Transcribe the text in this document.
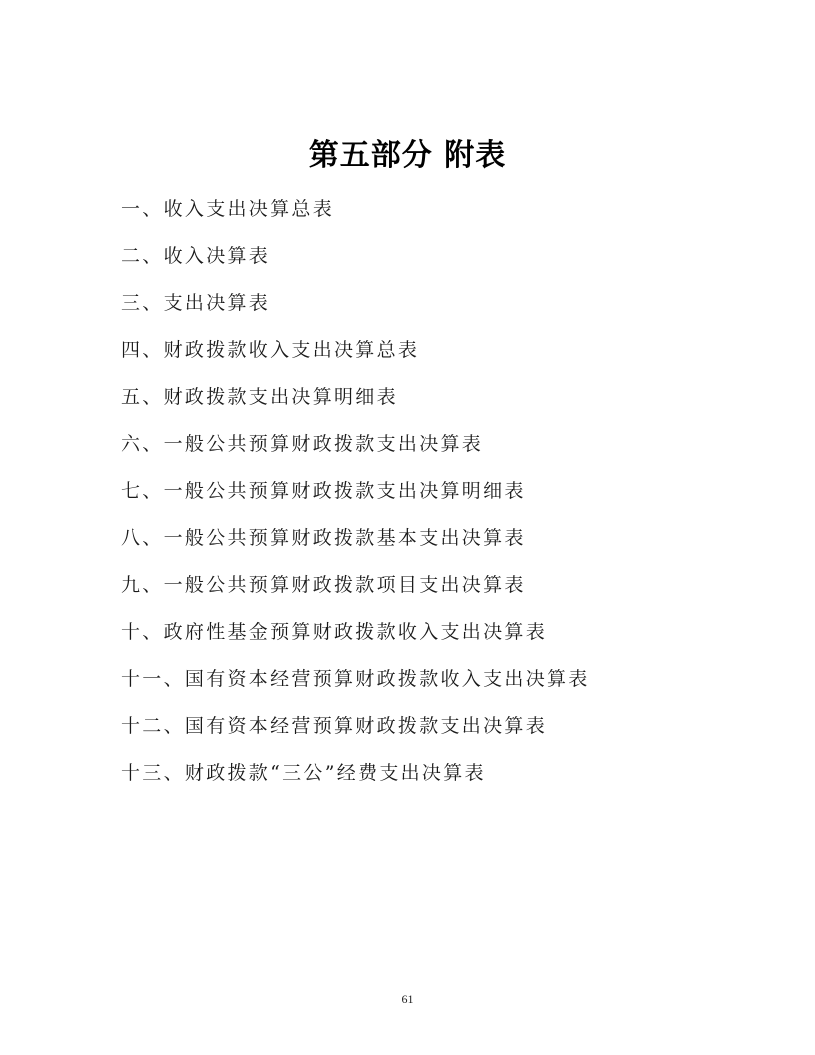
第五部分 附表
一、收入支出决算总表
二、收入决算表
三、支出决算表
四、财政拨款收入支出决算总表
五、财政拨款支出决算明细表
六、一般公共预算财政拨款支出决算表
七、一般公共预算财政拨款支出决算明细表
八、一般公共预算财政拨款基本支出决算表
九、一般公共预算财政拨款项目支出决算表
十、政府性基金预算财政拨款收入支出决算表
十一、国有资本经营预算财政拨款收入支出决算表
十二、国有资本经营预算财政拨款支出决算表
十三、财政拨款“三公”经费支出决算表
61
